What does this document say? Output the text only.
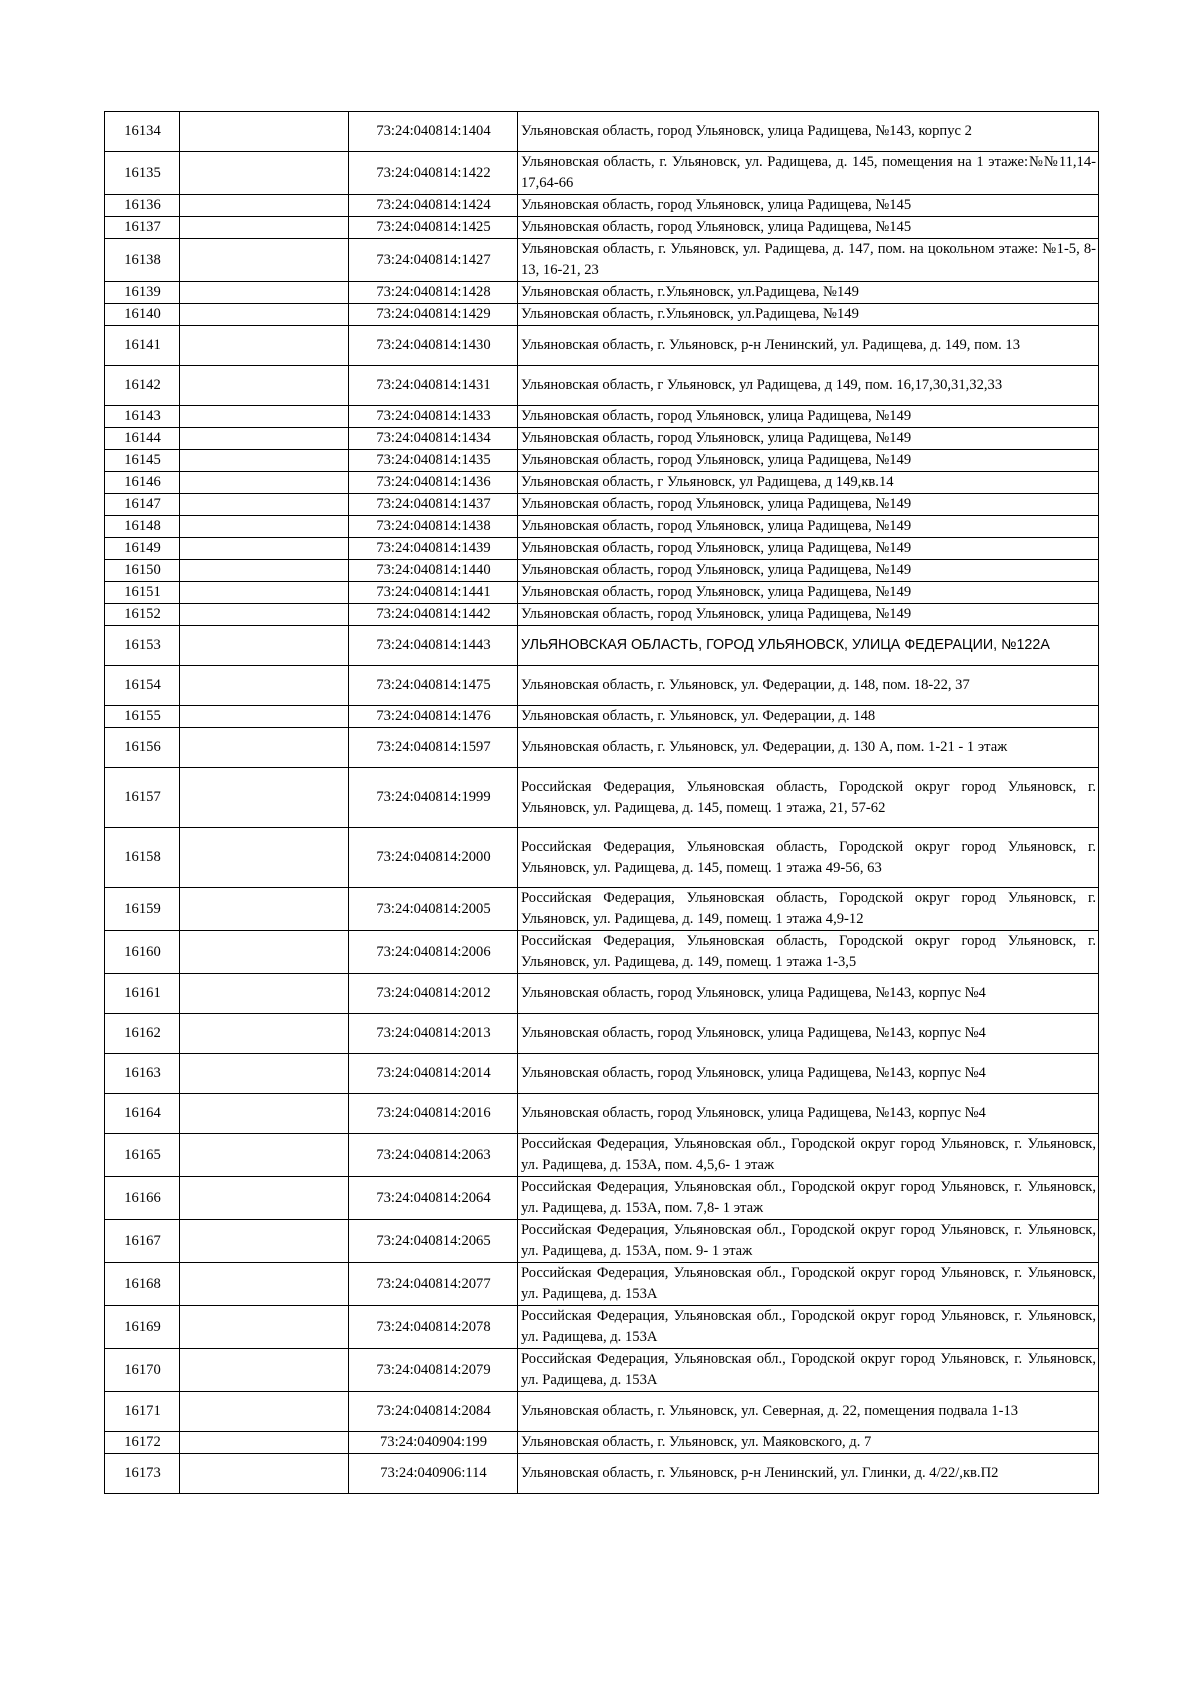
16134		73:24:040814:1404	Ульяновская область, город Ульяновск, улица Радищева, №143, корпус 2
16135		73:24:040814:1422	Ульяновская область, г. Ульяновск, ул. Радищева, д. 145, помещения на 1 этаже:№№11,14-17,64-66
16136		73:24:040814:1424	Ульяновская область, город Ульяновск, улица Радищева, №145
16137		73:24:040814:1425	Ульяновская область, город Ульяновск, улица Радищева, №145
16138		73:24:040814:1427	Ульяновская область, г. Ульяновск, ул. Радищева, д. 147, пом. на цокольном этаже: №1-5, 8-13, 16-21, 23
16139		73:24:040814:1428	Ульяновская область, г.Ульяновск, ул.Радищева, №149
16140		73:24:040814:1429	Ульяновская область, г.Ульяновск, ул.Радищева, №149
16141		73:24:040814:1430	Ульяновская область, г. Ульяновск, р-н Ленинский, ул. Радищева, д. 149, пом. 13
16142		73:24:040814:1431	Ульяновская область, г Ульяновск, ул Радищева, д 149, пом. 16,17,30,31,32,33
16143		73:24:040814:1433	Ульяновская область, город Ульяновск, улица Радищева, №149
16144		73:24:040814:1434	Ульяновская область, город Ульяновск, улица Радищева, №149
16145		73:24:040814:1435	Ульяновская область, город Ульяновск, улица Радищева, №149
16146		73:24:040814:1436	Ульяновская область, г Ульяновск, ул Радищева, д 149,кв.14
16147		73:24:040814:1437	Ульяновская область, город Ульяновск, улица Радищева, №149
16148		73:24:040814:1438	Ульяновская область, город Ульяновск, улица Радищева, №149
16149		73:24:040814:1439	Ульяновская область, город Ульяновск, улица Радищева, №149
16150		73:24:040814:1440	Ульяновская область, город Ульяновск, улица Радищева, №149
16151		73:24:040814:1441	Ульяновская область, город Ульяновск, улица Радищева, №149
16152		73:24:040814:1442	Ульяновская область, город Ульяновск, улица Радищева, №149
16153		73:24:040814:1443	УЛЬЯНОВСКАЯ ОБЛАСТЬ, ГОРОД УЛЬЯНОВСК, УЛИЦА ФЕДЕРАЦИИ, №122А
16154		73:24:040814:1475	Ульяновская область, г. Ульяновск, ул. Федерации, д. 148, пом. 18-22, 37
16155		73:24:040814:1476	Ульяновская область, г. Ульяновск, ул. Федерации, д. 148
16156		73:24:040814:1597	Ульяновская область, г. Ульяновск, ул. Федерации, д. 130 А, пом. 1-21 - 1 этаж
16157		73:24:040814:1999	Российская Федерация, Ульяновская область, Городской округ город Ульяновск, г. Ульяновск, ул. Радищева, д. 145, помещ. 1 этажа, 21, 57-62
16158		73:24:040814:2000	Российская Федерация, Ульяновская область, Городской округ город Ульяновск, г. Ульяновск, ул. Радищева, д. 145, помещ. 1 этажа 49-56, 63
16159		73:24:040814:2005	Российская Федерация, Ульяновская область, Городской округ город Ульяновск, г. Ульяновск, ул. Радищева, д. 149, помещ. 1 этажа 4,9-12
16160		73:24:040814:2006	Российская Федерация, Ульяновская область, Городской округ город Ульяновск, г. Ульяновск, ул. Радищева, д. 149, помещ. 1 этажа 1-3,5
16161		73:24:040814:2012	Ульяновская область, город Ульяновск, улица Радищева, №143, корпус №4
16162		73:24:040814:2013	Ульяновская область, город Ульяновск, улица Радищева, №143, корпус №4
16163		73:24:040814:2014	Ульяновская область, город Ульяновск, улица Радищева, №143, корпус №4
16164		73:24:040814:2016	Ульяновская область, город Ульяновск, улица Радищева, №143, корпус №4
16165		73:24:040814:2063	Российская Федерация, Ульяновская обл., Городской округ город Ульяновск, г. Ульяновск, ул. Радищева, д. 153А, пом. 4,5,6- 1 этаж
16166		73:24:040814:2064	Российская Федерация, Ульяновская обл., Городской округ город Ульяновск, г. Ульяновск, ул. Радищева, д. 153А, пом. 7,8- 1 этаж
16167		73:24:040814:2065	Российская Федерация, Ульяновская обл., Городской округ город Ульяновск, г. Ульяновск, ул. Радищева, д. 153А, пом. 9- 1 этаж
16168		73:24:040814:2077	Российская Федерация, Ульяновская обл., Городской округ город Ульяновск, г. Ульяновск, ул. Радищева, д. 153А
16169		73:24:040814:2078	Российская Федерация, Ульяновская обл., Городской округ город Ульяновск, г. Ульяновск, ул. Радищева, д. 153А
16170		73:24:040814:2079	Российская Федерация, Ульяновская обл., Городской округ город Ульяновск, г. Ульяновск, ул. Радищева, д. 153А
16171		73:24:040814:2084	Ульяновская область, г. Ульяновск, ул. Северная, д. 22, помещения подвала 1-13
16172		73:24:040904:199	Ульяновская область, г. Ульяновск, ул. Маяковского, д. 7
16173		73:24:040906:114	Ульяновская область, г. Ульяновск, р-н Ленинский, ул. Глинки, д. 4/22/,кв.П2
